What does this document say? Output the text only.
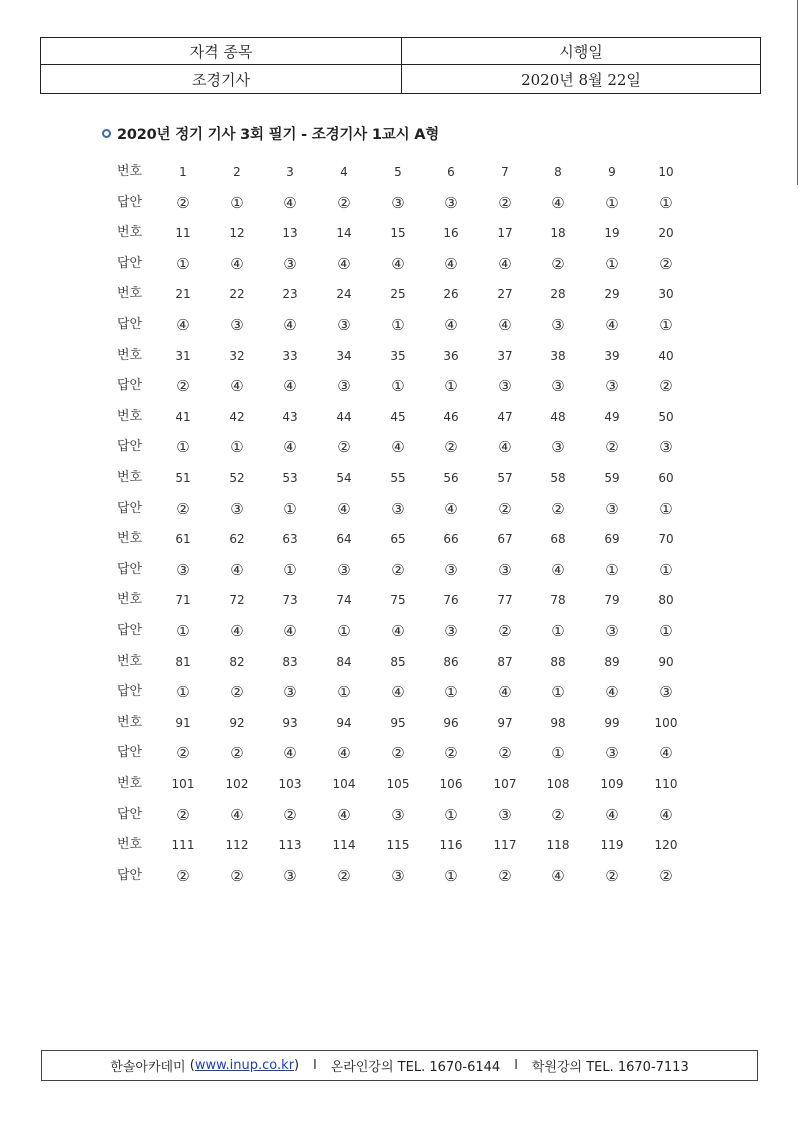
자격 종목	시행일
조경기사	2020년 8월 22일
2020년 정기 기사 3회 필기 - 조경기사 1교시 A형
번호	1	2	3	4	5	6	7	8	9	10
답안	②	①	④	②	③	③	②	④	①	①
번호	11	12	13	14	15	16	17	18	19	20
답안	①	④	③	④	④	④	④	②	①	②
번호	21	22	23	24	25	26	27	28	29	30
답안	④	③	④	③	①	④	④	③	④	①
번호	31	32	33	34	35	36	37	38	39	40
답안	②	④	④	③	①	①	③	③	③	②
번호	41	42	43	44	45	46	47	48	49	50
답안	①	①	④	②	④	②	④	③	②	③
번호	51	52	53	54	55	56	57	58	59	60
답안	②	③	①	④	③	④	②	②	③	①
번호	61	62	63	64	65	66	67	68	69	70
답안	③	④	①	③	②	③	③	④	①	①
번호	71	72	73	74	75	76	77	78	79	80
답안	①	④	④	①	④	③	②	①	③	①
번호	81	82	83	84	85	86	87	88	89	90
답안	①	②	③	①	④	①	④	①	④	③
번호	91	92	93	94	95	96	97	98	99	100
답안	②	②	④	④	②	②	②	①	③	④
번호	101	102	103	104	105	106	107	108	109	110
답안	②	④	②	④	③	①	③	②	④	④
번호	111	112	113	114	115	116	117	118	119	120
답안	②	②	③	②	③	①	②	④	②	②
한솔아카데미 (www.inup.co.kr) l 온라인강의 TEL. 1670-6144 l 학원강의 TEL. 1670-7113
